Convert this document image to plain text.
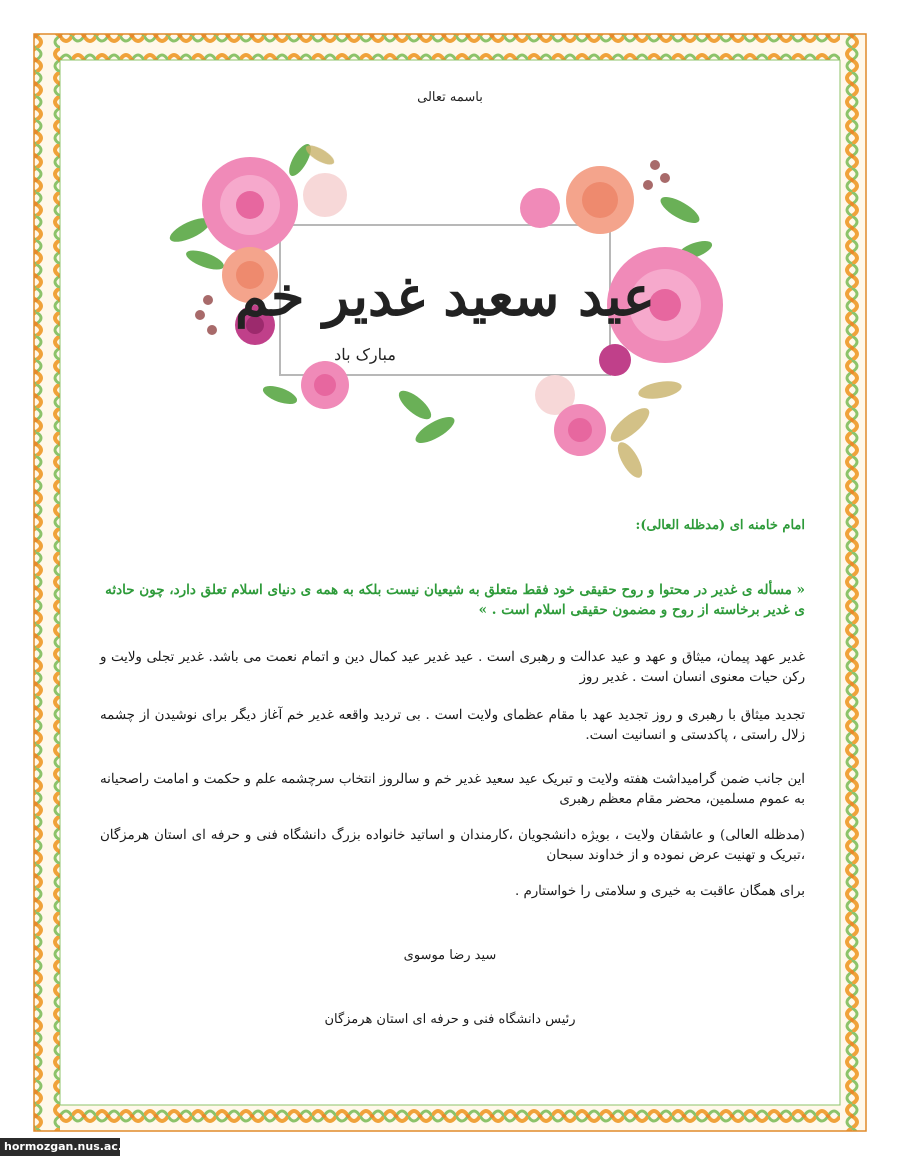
باسمه تعالی
عید سعید غدیر خم
مبارک باد
امام خامنه ای (مدظله العالی):
« مسأله ی غدیر در محتوا و روح حقیقی خود فقط متعلق به شیعیان نیست بلکه به همه ی دنیای اسلام تعلق دارد، چون حادثه ی غدیر برخاسته از روح و مضمون حقیقی اسلام است . »
غدیر عهد پیمان، میثاق و عهد و عید عدالت و رهبری است . عید غدیر عید کمال دین و اتمام نعمت می باشد. غدیر تجلی ولایت و رکن حیات معنوی انسان است . غدیر روز
تجدید میثاق با رهبری و روز تجدید عهد با مقام عظمای ولایت است . بی تردید واقعه غدیر خم آغاز دیگر برای نوشیدن از چشمه زلال راستی ، پاکدستی و انسانیت است.
این جانب ضمن گرامیداشت هفته ولایت و تبریک عید سعید غدیر خم و سالروز انتخاب سرچشمه علم و حکمت و امامت راصحیانه به عموم مسلمین، محضر مقام معظم رهبری
(مدظله العالی) و عاشقان ولایت ، بویژه دانشجویان ،کارمندان و اساتید خانواده بزرگ دانشگاه فنی و حرفه ای استان هرمزگان ،تبریک و تهنیت عرض نموده و از خداوند سبحان
برای همگان عاقبت به خیری و سلامتی را خواستارم .
سید رضا موسوی
رئیس دانشگاه فنی و حرفه ای استان هرمزگان
hormozgan.nus.ac.ir
